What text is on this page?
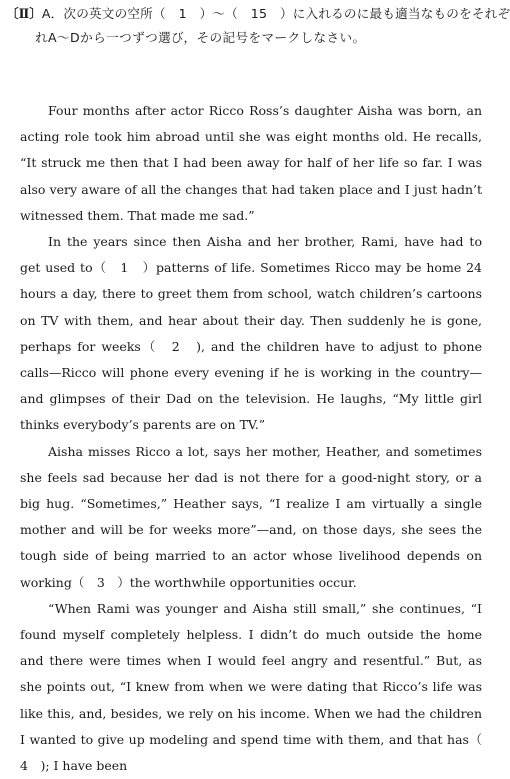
〔Ⅱ〕A．次の英文の空所（　1　）〜（　15　）に入れるのに最も適当なものをそれぞ
れA〜Dから一つずつ選び，その記号をマークしなさい。

Four months after actor Ricco Ross’s daughter Aisha was born, an acting role took him abroad until she was eight months old. He recalls, “It struck me then that I had been away for half of her life so far. I was also very aware of all the changes that had taken place and I just hadn’t witnessed them. That made me sad.”

In the years since then Aisha and her brother, Rami, have had to get used to（　1　）patterns of life. Sometimes Ricco may be home 24 hours a day, there to greet them from school, watch children’s cartoons on TV with them, and hear about their day. Then suddenly he is gone, perhaps for weeks（　2　), and the children have to adjust to phone calls—Ricco will phone every evening if he is working in the country—and glimpses of their Dad on the television. He laughs, “My little girl thinks everybody’s parents are on TV.”

Aisha misses Ricco a lot, says her mother, Heather, and sometimes she feels sad because her dad is not there for a good-night story, or a big hug. “Sometimes,” Heather says, “I realize I am virtually a single mother and will be for weeks more”—and, on those days, she sees the tough side of being married to an actor whose livelihood depends on working（　3　）the worthwhile opportunities occur.

“When Rami was younger and Aisha still small,” she continues, “I found myself completely helpless. I didn’t do much outside the home and there were times when I would feel angry and resentful.” But, as she points out, “I knew from when we were dating that Ricco’s life was like this, and, besides, we rely on his income. When we had the children I wanted to give up modeling and spend time with them, and that has（　4　); I have been
